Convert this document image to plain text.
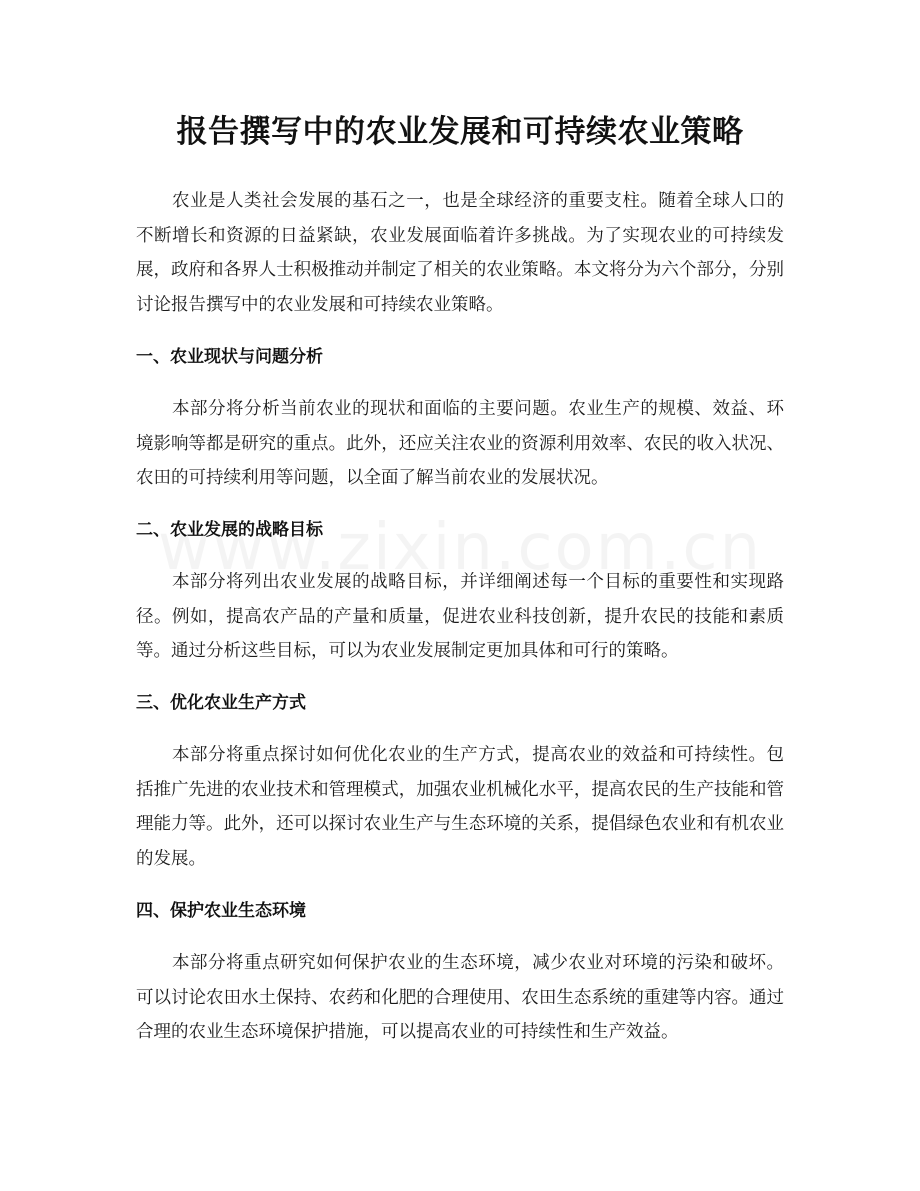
报告撰写中的农业发展和可持续农业策略

农业是人类社会发展的基石之一，也是全球经济的重要支柱。随着全球人口的不断增长和资源的日益紧缺，农业发展面临着许多挑战。为了实现农业的可持续发展，政府和各界人士积极推动并制定了相关的农业策略。本文将分为六个部分，分别讨论报告撰写中的农业发展和可持续农业策略。

一、农业现状与问题分析

本部分将分析当前农业的现状和面临的主要问题。农业生产的规模、效益、环境影响等都是研究的重点。此外，还应关注农业的资源利用效率、农民的收入状况、农田的可持续利用等问题，以全面了解当前农业的发展状况。

二、农业发展的战略目标

本部分将列出农业发展的战略目标，并详细阐述每一个目标的重要性和实现路径。例如，提高农产品的产量和质量，促进农业科技创新，提升农民的技能和素质等。通过分析这些目标，可以为农业发展制定更加具体和可行的策略。

三、优化农业生产方式

本部分将重点探讨如何优化农业的生产方式，提高农业的效益和可持续性。包括推广先进的农业技术和管理模式，加强农业机械化水平，提高农民的生产技能和管理能力等。此外，还可以探讨农业生产与生态环境的关系，提倡绿色农业和有机农业的发展。

四、保护农业生态环境

本部分将重点研究如何保护农业的生态环境，减少农业对环境的污染和破坏。可以讨论农田水土保持、农药和化肥的合理使用、农田生态系统的重建等内容。通过合理的农业生态环境保护措施，可以提高农业的可持续性和生产效益。
